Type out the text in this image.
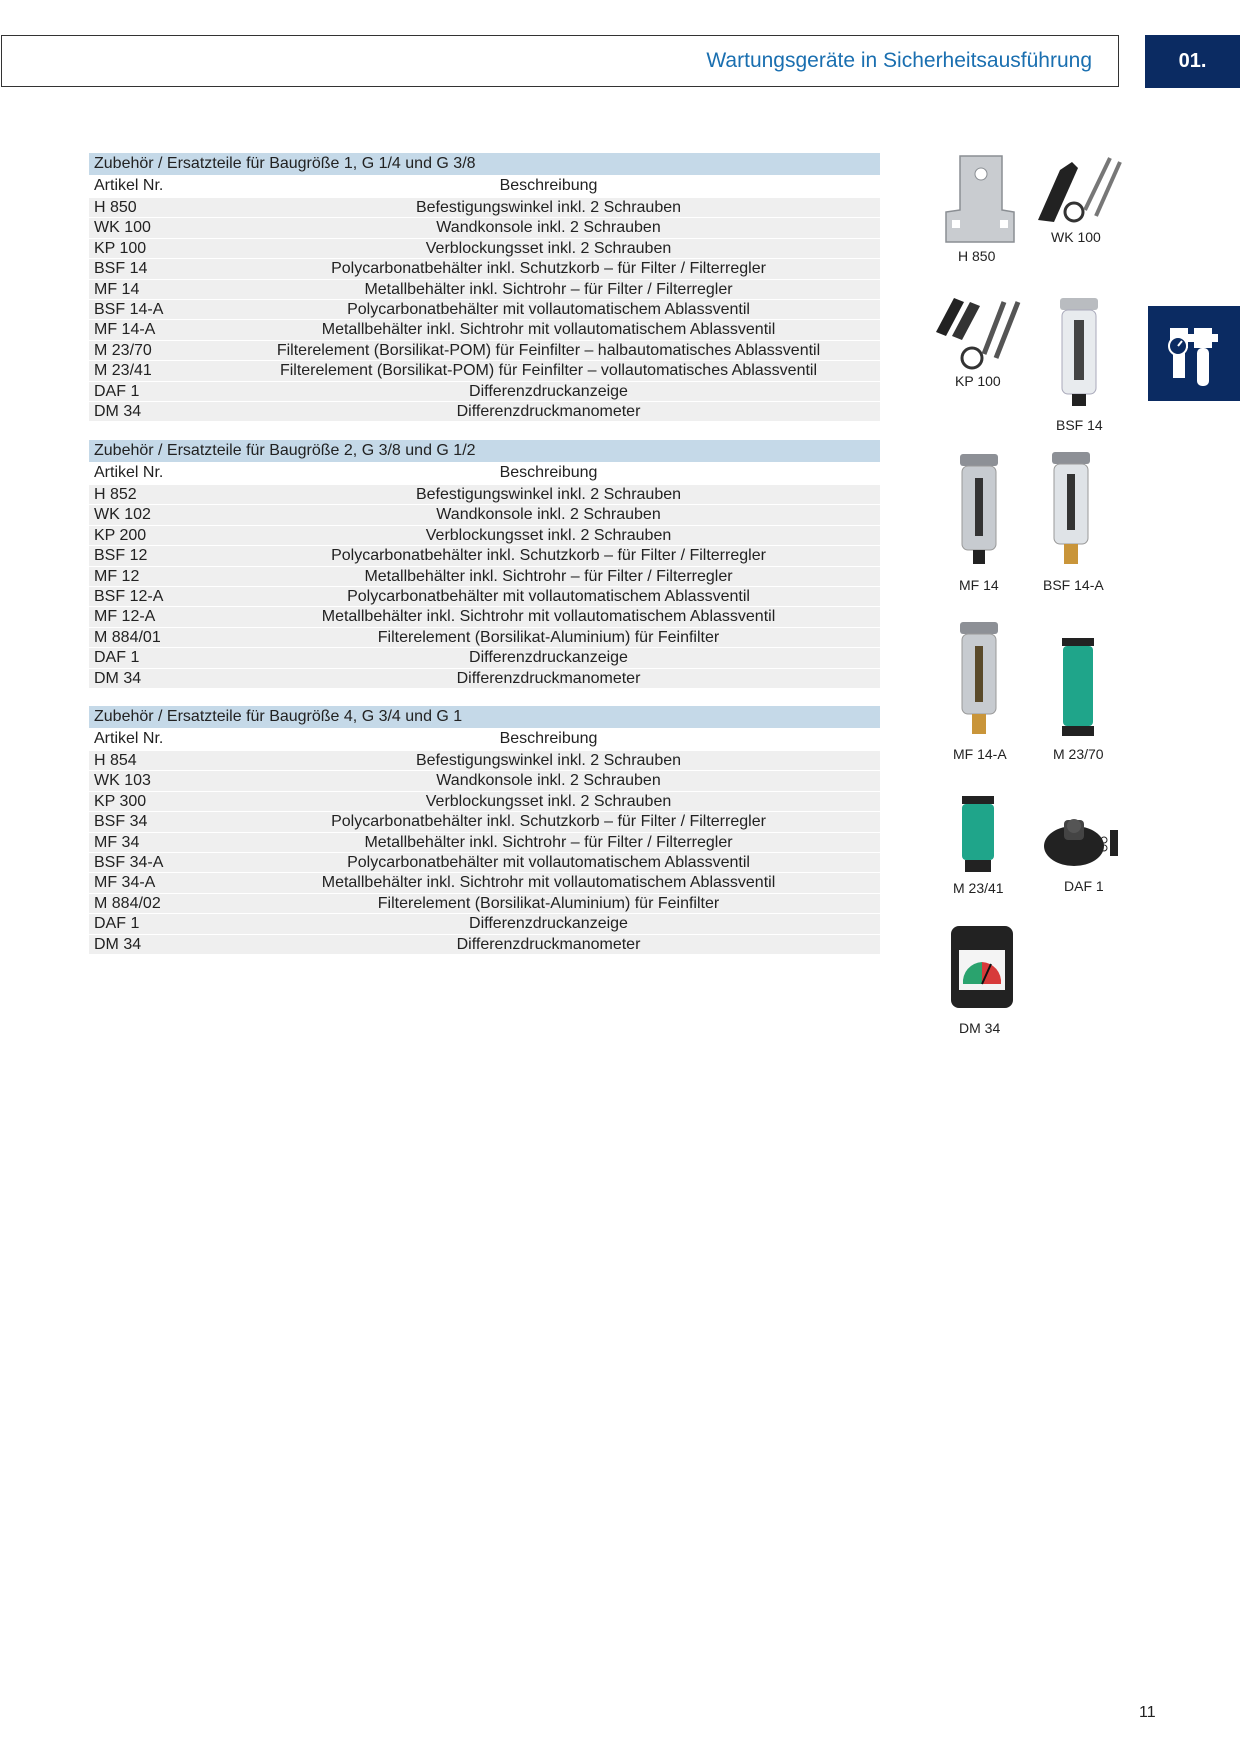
Wartungsgeräte in Sicherheitsausführung	01.
Zubehör / Ersatzteile für Baugröße 1, G 1/4 und G 3/8
Artikel Nr.	Beschreibung
H 850	Befestigungswinkel inkl. 2 Schrauben
WK 100	Wandkonsole inkl. 2 Schrauben
KP 100	Verblockungsset inkl. 2 Schrauben
BSF 14	Polycarbonatbehälter inkl. Schutzkorb – für Filter / Filterregler
MF 14	Metallbehälter inkl. Sichtrohr – für Filter / Filterregler
BSF 14-A	Polycarbonatbehälter mit vollautomatischem Ablassventil
MF 14-A	Metallbehälter inkl. Sichtrohr mit vollautomatischem Ablassventil
M 23/70	Filterelement (Borsilikat-POM) für Feinfilter – halbautomatisches Ablassventil
M 23/41	Filterelement (Borsilikat-POM) für Feinfilter – vollautomatisches Ablassventil
DAF 1	Differenzdruckanzeige
DM 34	Differenzdruckmanometer
Zubehör / Ersatzteile für Baugröße 2, G 3/8 und G 1/2
Artikel Nr.	Beschreibung
H 852	Befestigungswinkel inkl. 2 Schrauben
WK 102	Wandkonsole inkl. 2 Schrauben
KP 200	Verblockungsset inkl. 2 Schrauben
BSF 12	Polycarbonatbehälter inkl. Schutzkorb – für Filter / Filterregler
MF 12	Metallbehälter inkl. Sichtrohr – für Filter / Filterregler
BSF 12-A	Polycarbonatbehälter mit vollautomatischem Ablassventil
MF 12-A	Metallbehälter inkl. Sichtrohr mit vollautomatischem Ablassventil
M 884/01	Filterelement (Borsilikat-Aluminium) für Feinfilter
DAF 1	Differenzdruckanzeige
DM 34	Differenzdruckmanometer
Zubehör / Ersatzteile für Baugröße 4, G 3/4 und G 1
Artikel Nr.	Beschreibung
H 854	Befestigungswinkel inkl. 2 Schrauben
WK 103	Wandkonsole inkl. 2 Schrauben
KP 300	Verblockungsset inkl. 2 Schrauben
BSF 34	Polycarbonatbehälter inkl. Schutzkorb – für Filter / Filterregler
MF 34	Metallbehälter inkl. Sichtrohr – für Filter / Filterregler
BSF 34-A	Polycarbonatbehälter mit vollautomatischem Ablassventil
MF 34-A	Metallbehälter inkl. Sichtrohr mit vollautomatischem Ablassventil
M 884/02	Filterelement (Borsilikat-Aluminium) für Feinfilter
DAF 1	Differenzdruckanzeige
DM 34	Differenzdruckmanometer
H 850
WK 100
KP 100
BSF 14
MF 14	BSF 14-A
MF 14-A	M 23/70
M 23/41	DAF 1
DM 34
11
